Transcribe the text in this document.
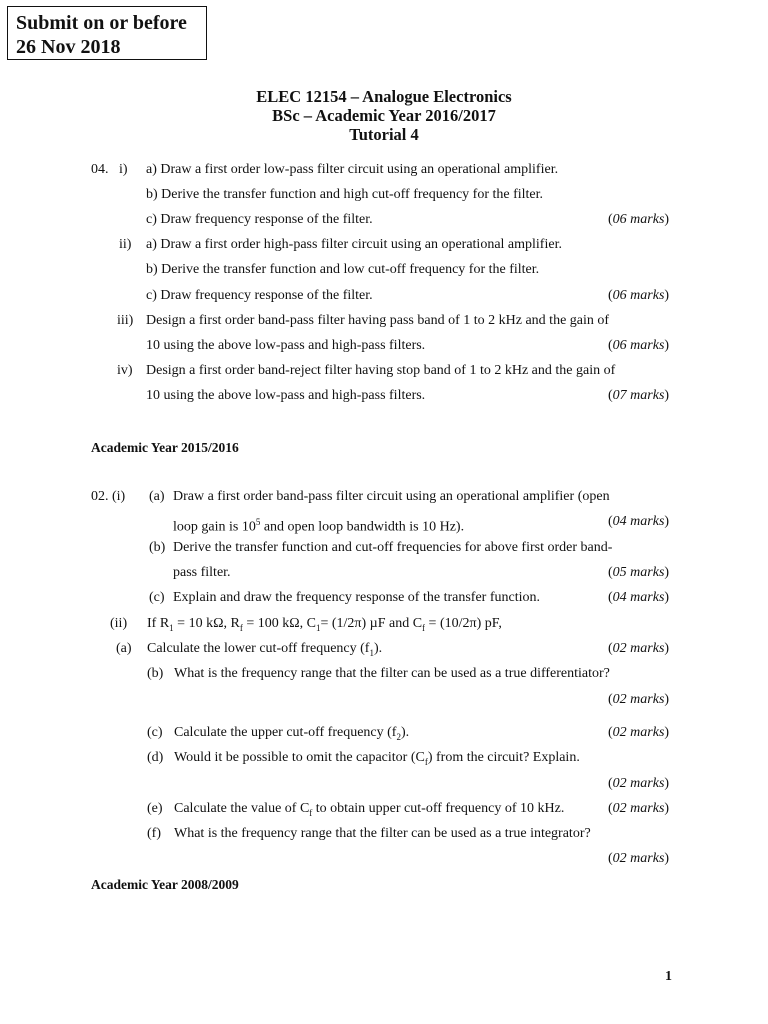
Submit on or before
26 Nov 2018
ELEC 12154 – Analogue Electronics
BSc – Academic Year 2016/2017
Tutorial 4
04. i) a) Draw a first order low-pass filter circuit using an operational amplifier.
b) Derive the transfer function and high cut-off frequency for the filter.
c) Draw frequency response of the filter.	(06 marks)
ii) a) Draw a first order high-pass filter circuit using an operational amplifier.
b) Derive the transfer function and low cut-off frequency for the filter.
c) Draw frequency response of the filter.	(06 marks)
iii) Design a first order band-pass filter having pass band of 1 to 2 kHz and the gain of
10 using the above low-pass and high-pass filters.	(06 marks)
iv) Design a first order band-reject filter having stop band of 1 to 2 kHz and the gain of
10 using the above low-pass and high-pass filters.	(07 marks)
Academic Year 2015/2016
02. (i) (a) Draw a first order band-pass filter circuit using an operational amplifier (open
loop gain is $10^5$ and open loop bandwidth is 10 Hz).	(04 marks)
(b) Derive the transfer function and cut-off frequencies for above first order band-
pass filter.	(05 marks)
(c) Explain and draw the frequency response of the transfer function.	(04 marks)
(ii) If $R_1 = 10$ kΩ, $R_f = 100$ kΩ, $C_1= (1/2\pi)$ µF and $C_f = (10/2\pi)$ pF,
(a) Calculate the lower cut-off frequency $(f_1)$.	(02 marks)
(b) What is the frequency range that the filter can be used as a true differentiator?
(02 marks)
(c) Calculate the upper cut-off frequency $(f_2)$.	(02 marks)
(d) Would it be possible to omit the capacitor $(C_f)$ from the circuit? Explain.
(02 marks)
(e) Calculate the value of $C_f$ to obtain upper cut-off frequency of 10 kHz.	(02 marks)
(f) What is the frequency range that the filter can be used as a true integrator?
(02 marks)
Academic Year 2008/2009
1
